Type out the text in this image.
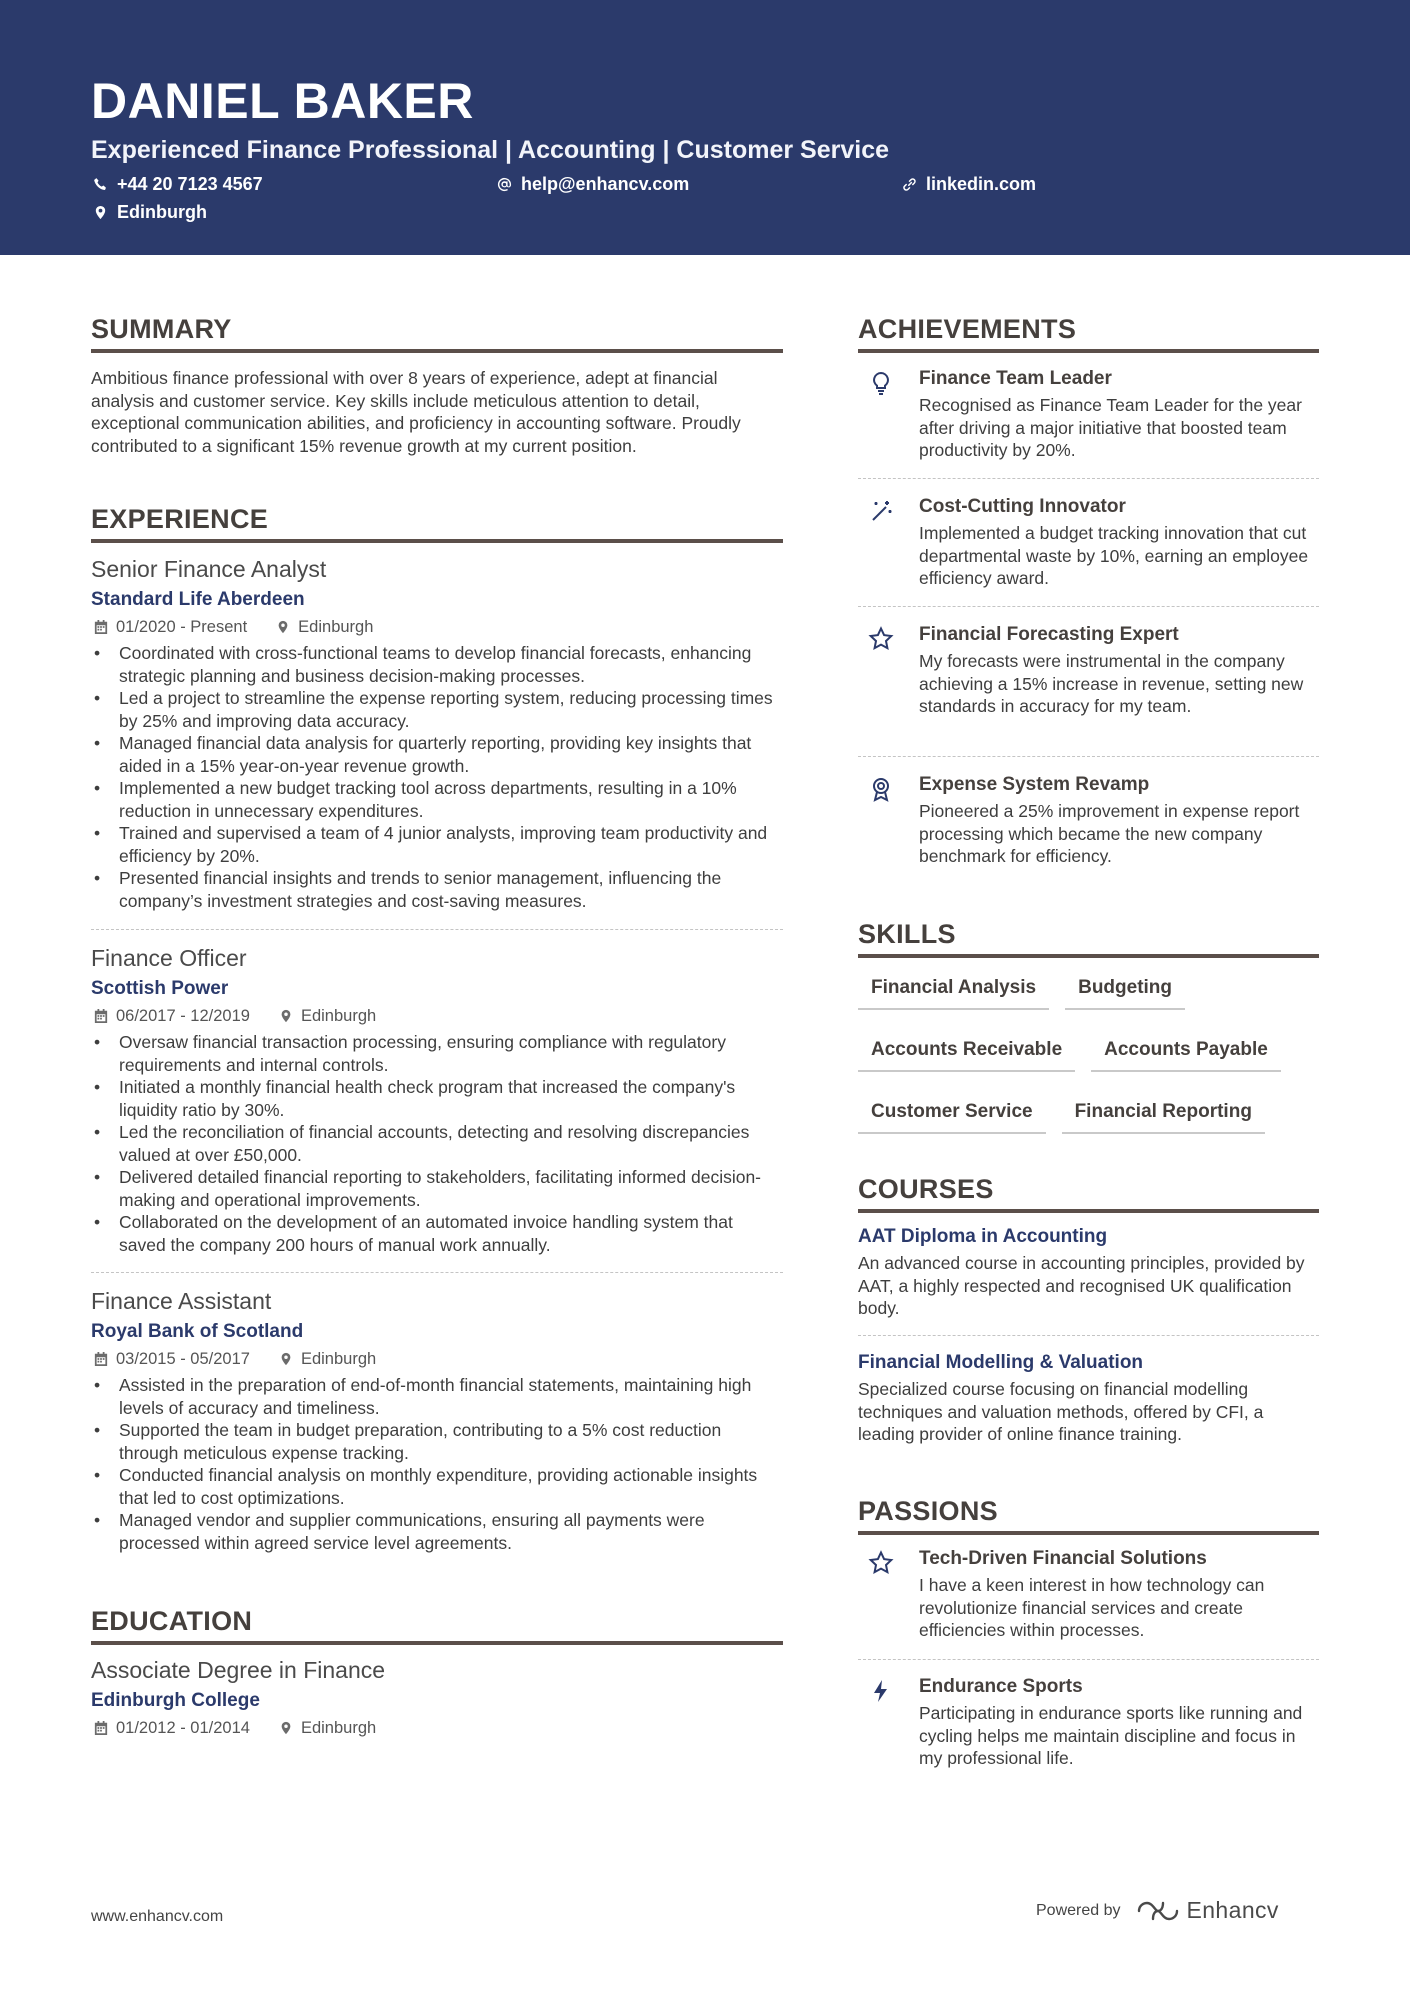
DANIEL BAKER
Experienced Finance Professional | Accounting | Customer Service
+44 20 7123 4567	help@enhancv.com	linkedin.com
Edinburgh
SUMMARY
Ambitious finance professional with over 8 years of experience, adept at financial analysis and customer service. Key skills include meticulous attention to detail, exceptional communication abilities, and proficiency in accounting software. Proudly contributed to a significant 15% revenue growth at my current position.
EXPERIENCE
Senior Finance Analyst
Standard Life Aberdeen
01/2020 - Present	Edinburgh
• Coordinated with cross-functional teams to develop financial forecasts, enhancing strategic planning and business decision-making processes.
• Led a project to streamline the expense reporting system, reducing processing times by 25% and improving data accuracy.
• Managed financial data analysis for quarterly reporting, providing key insights that aided in a 15% year-on-year revenue growth.
• Implemented a new budget tracking tool across departments, resulting in a 10% reduction in unnecessary expenditures.
• Trained and supervised a team of 4 junior analysts, improving team productivity and efficiency by 20%.
• Presented financial insights and trends to senior management, influencing the company’s investment strategies and cost-saving measures.
Finance Officer
Scottish Power
06/2017 - 12/2019	Edinburgh
• Oversaw financial transaction processing, ensuring compliance with regulatory requirements and internal controls.
• Initiated a monthly financial health check program that increased the company's liquidity ratio by 30%.
• Led the reconciliation of financial accounts, detecting and resolving discrepancies valued at over £50,000.
• Delivered detailed financial reporting to stakeholders, facilitating informed decision-making and operational improvements.
• Collaborated on the development of an automated invoice handling system that saved the company 200 hours of manual work annually.
Finance Assistant
Royal Bank of Scotland
03/2015 - 05/2017	Edinburgh
• Assisted in the preparation of end-of-month financial statements, maintaining high levels of accuracy and timeliness.
• Supported the team in budget preparation, contributing to a 5% cost reduction through meticulous expense tracking.
• Conducted financial analysis on monthly expenditure, providing actionable insights that led to cost optimizations.
• Managed vendor and supplier communications, ensuring all payments were processed within agreed service level agreements.
EDUCATION
Associate Degree in Finance
Edinburgh College
01/2012 - 01/2014	Edinburgh
ACHIEVEMENTS
Finance Team Leader
Recognised as Finance Team Leader for the year after driving a major initiative that boosted team productivity by 20%.
Cost-Cutting Innovator
Implemented a budget tracking innovation that cut departmental waste by 10%, earning an employee efficiency award.
Financial Forecasting Expert
My forecasts were instrumental in the company achieving a 15% increase in revenue, setting new standards in accuracy for my team.
Expense System Revamp
Pioneered a 25% improvement in expense report processing which became the new company benchmark for efficiency.
SKILLS
Financial Analysis	Budgeting
Accounts Receivable	Accounts Payable
Customer Service	Financial Reporting
COURSES
AAT Diploma in Accounting
An advanced course in accounting principles, provided by AAT, a highly respected and recognised UK qualification body.
Financial Modelling & Valuation
Specialized course focusing on financial modelling techniques and valuation methods, offered by CFI, a leading provider of online finance training.
PASSIONS
Tech-Driven Financial Solutions
I have a keen interest in how technology can revolutionize financial services and create efficiencies within processes.
Endurance Sports
Participating in endurance sports like running and cycling helps me maintain discipline and focus in my professional life.
www.enhancv.com	Powered by	Enhancv
